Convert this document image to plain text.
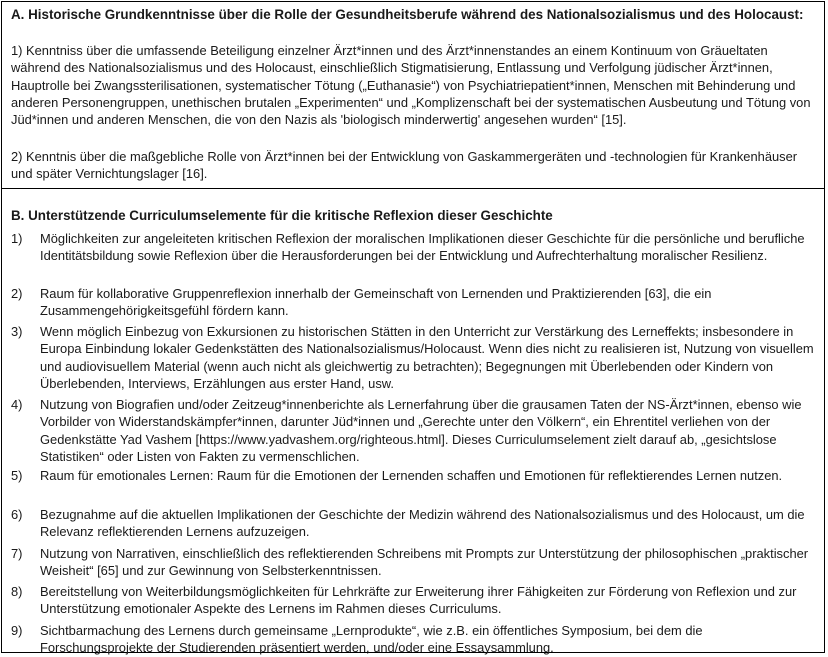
A. Historische Grundkenntnisse über die Rolle der Gesundheitsberufe während des Nationalsozialismus und des Holocaust:

1) Kenntniss über die umfassende Beteiligung einzelner Ärzt*innen und des Ärzt*innenstandes an einem Kontinuum von Gräueltaten während des Nationalsozialismus und des Holocaust, einschließlich Stigmatisierung, Entlassung und Verfolgung jüdischer Ärzt*innen, Hauptrolle bei Zwangssterilisationen, systematischer Tötung („Euthanasie“) von Psychiatriepatient*innen, Menschen mit Behinderung und anderen Personengruppen, unethischen brutalen „Experimenten“ und „Komplizenschaft bei der systematischen Ausbeutung und Tötung von Jüd*innen und anderen Menschen, die von den Nazis als 'biologisch minderwertig' angesehen wurden“ [15].

2) Kenntnis über die maßgebliche Rolle von Ärzt*innen bei der Entwicklung von Gaskammergeräten und -technologien für Krankenhäuser und später Vernichtungslager [16].

B. Unterstützende Curriculumselemente für die kritische Reflexion dieser Geschichte

1) Möglichkeiten zur angeleiteten kritischen Reflexion der moralischen Implikationen dieser Geschichte für die persönliche und berufliche Identitätsbildung sowie Reflexion über die Herausforderungen bei der Entwicklung und Aufrechterhaltung moralischer Resilienz.
2) Raum für kollaborative Gruppenreflexion innerhalb der Gemeinschaft von Lernenden und Praktizierenden [63], die ein Zusammengehörigkeitsgefühl fördern kann.
3) Wenn möglich Einbezug von Exkursionen zu historischen Stätten in den Unterricht zur Verstärkung des Lerneffekts; insbesondere in Europa Einbindung lokaler Gedenkstätten des Nationalsozialismus/Holocaust. Wenn dies nicht zu realisieren ist, Nutzung von visuellem und audiovisuellem Material (wenn auch nicht als gleichwertig zu betrachten); Begegnungen mit Überlebenden oder Kindern von Überlebenden, Interviews, Erzählungen aus erster Hand, usw.
4) Nutzung von Biografien und/oder Zeitzeug*innenberichte als Lernerfahrung über die grausamen Taten der NS-Ärzt*innen, ebenso wie Vorbilder von Widerstandskämpfer*innen, darunter Jüd*innen und „Gerechte unter den Völkern“, ein Ehrentitel verliehen von der Gedenkstätte Yad Vashem [https://www.yadvashem.org/righteous.html]. Dieses Curriculumselement zielt darauf ab, „gesichtslose Statistiken“ oder Listen von Fakten zu vermenschlichen.
5) Raum für emotionales Lernen: Raum für die Emotionen der Lernenden schaffen und Emotionen für reflektierendes Lernen nutzen.
6) Bezugnahme auf die aktuellen Implikationen der Geschichte der Medizin während des Nationalsozialismus und des Holocaust, um die Relevanz reflektierenden Lernens aufzuzeigen.
7) Nutzung von Narrativen, einschließlich des reflektierenden Schreibens mit Prompts zur Unterstützung der philosophischen „praktischer Weisheit“ [65] und zur Gewinnung von Selbsterkenntnissen.
8) Bereitstellung von Weiterbildungsmöglichkeiten für Lehrkräfte zur Erweiterung ihrer Fähigkeiten zur Förderung von Reflexion und zur Unterstützung emotionaler Aspekte des Lernens im Rahmen dieses Curriculums.
9) Sichtbarmachung des Lernens durch gemeinsame „Lernprodukte“, wie z.B. ein öffentliches Symposium, bei dem die Forschungsprojekte der Studierenden präsentiert werden, und/oder eine Essaysammlung.
